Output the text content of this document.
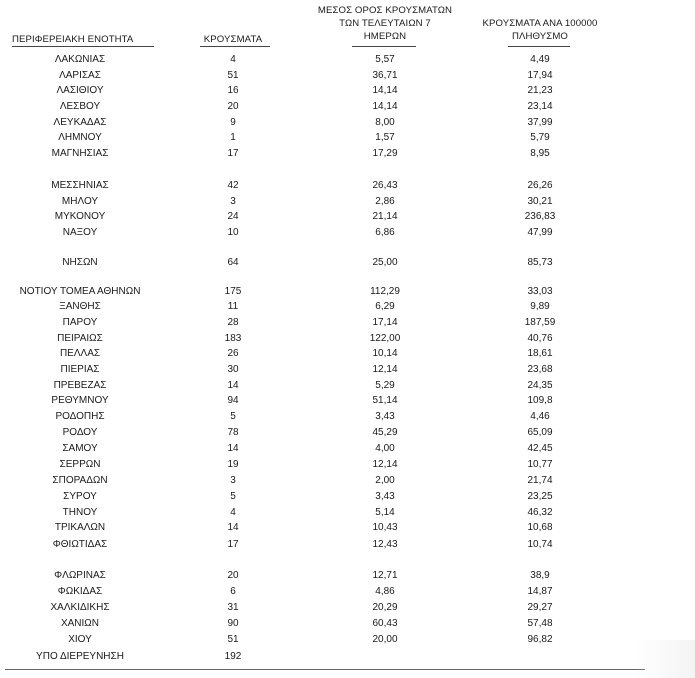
ΠΕΡΙΦΕΡΕΙΑΚΗ ΕΝΟΤΗΤΑ	ΚΡΟΥΣΜΑΤΑ
ΜΕΣΟΣ ΟΡΟΣ ΚΡΟΥΣΜΑΤΩΝ
ΤΩΝ ΤΕΛΕΥΤΑΙΩΝ 7
ΗΜΕΡΩΝ
ΚΡΟΥΣΜΑΤΑ ΑΝΑ 100000
ΠΛΗΘΥΣΜΟ
ΛΑΚΩΝΙΑΣ	4	5,57	4,49
ΛΑΡΙΣΑΣ	51	36,71	17,94
ΛΑΣΙΘΙΟΥ	16	14,14	21,23
ΛΕΣΒΟΥ	20	14,14	23,14
ΛΕΥΚΑΔΑΣ	9	8,00	37,99
ΛΗΜΝΟΥ	1	1,57	5,79
ΜΑΓΝΗΣΙΑΣ	17	17,29	8,95
ΜΕΣΣΗΝΙΑΣ	42	26,43	26,26
ΜΗΛΟΥ	3	2,86	30,21
ΜΥΚΟΝΟΥ	24	21,14	236,83
ΝΑΞΟΥ	10	6,86	47,99
ΝΗΣΩΝ	64	25,00	85,73
ΝΟΤΙΟΥ ΤΟΜΕΑ ΑΘΗΝΩΝ	175	112,29	33,03
ΞΑΝΘΗΣ	11	6,29	9,89
ΠΑΡΟΥ	28	17,14	187,59
ΠΕΙΡΑΙΩΣ	183	122,00	40,76
ΠΕΛΛΑΣ	26	10,14	18,61
ΠΙΕΡΙΑΣ	30	12,14	23,68
ΠΡΕΒΕΖΑΣ	14	5,29	24,35
ΡΕΘΥΜΝΟΥ	94	51,14	109,8
ΡΟΔΟΠΗΣ	5	3,43	4,46
ΡΟΔΟΥ	78	45,29	65,09
ΣΑΜΟΥ	14	4,00	42,45
ΣΕΡΡΩΝ	19	12,14	10,77
ΣΠΟΡΑΔΩΝ	3	2,00	21,74
ΣΥΡΟΥ	5	3,43	23,25
ΤΗΝΟΥ	4	5,14	46,32
ΤΡΙΚΑΛΩΝ	14	10,43	10,68
ΦΘΙΩΤΙΔΑΣ	17	12,43	10,74
ΦΛΩΡΙΝΑΣ	20	12,71	38,9
ΦΩΚΙΔΑΣ	6	4,86	14,87
ΧΑΛΚΙΔΙΚΗΣ	31	20,29	29,27
ΧΑΝΙΩΝ	90	60,43	57,48
ΧΙΟΥ	51	20,00	96,82
ΥΠΟ ΔΙΕΡΕΥΝΗΣΗ	192
